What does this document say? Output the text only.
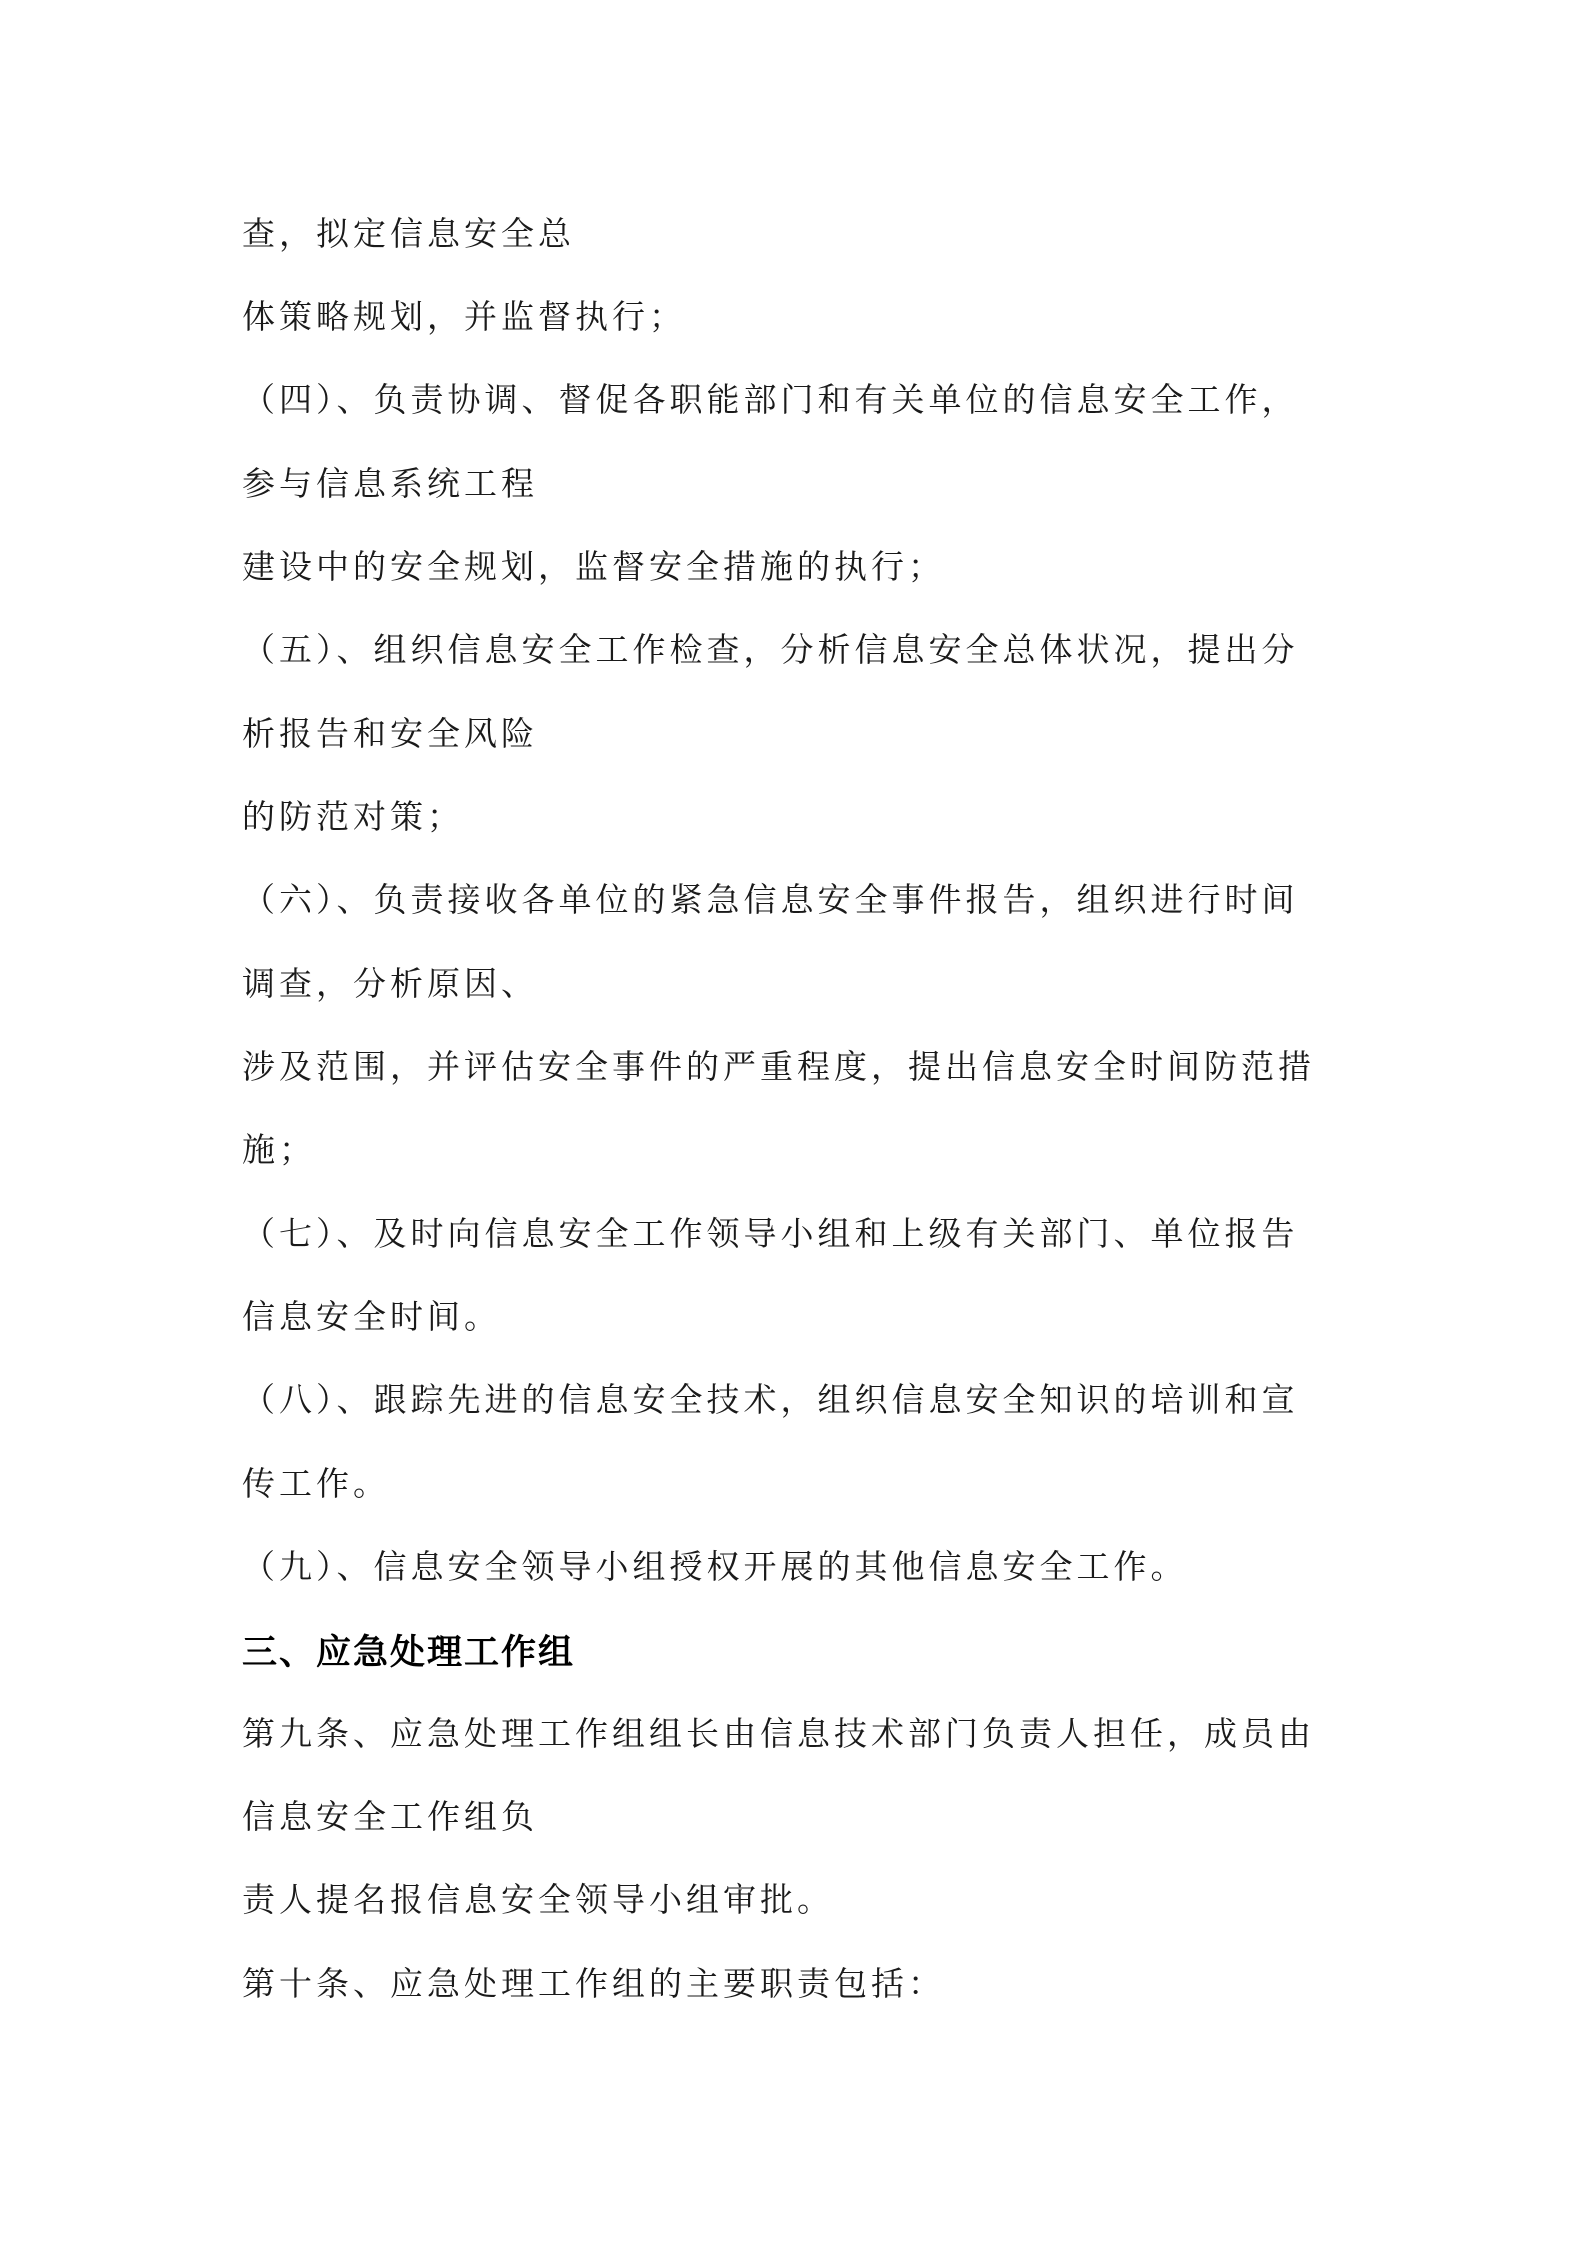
查，拟定信息安全总
体策略规划，并监督执行；
（四）、负责协调、督促各职能部门和有关单位的信息安全工作，
参与信息系统工程
建设中的安全规划，监督安全措施的执行；
（五）、组织信息安全工作检查，分析信息安全总体状况，提出分
析报告和安全风险
的防范对策；
（六）、负责接收各单位的紧急信息安全事件报告，组织进行时间
调查，分析原因、
涉及范围，并评估安全事件的严重程度，提出信息安全时间防范措
施；
（七）、及时向信息安全工作领导小组和上级有关部门、单位报告
信息安全时间。
（八）、跟踪先进的信息安全技术，组织信息安全知识的培训和宣
传工作。
（九）、信息安全领导小组授权开展的其他信息安全工作。
三、应急处理工作组
第九条、应急处理工作组组长由信息技术部门负责人担任，成员由
信息安全工作组负
责人提名报信息安全领导小组审批。
第十条、应急处理工作组的主要职责包括：
